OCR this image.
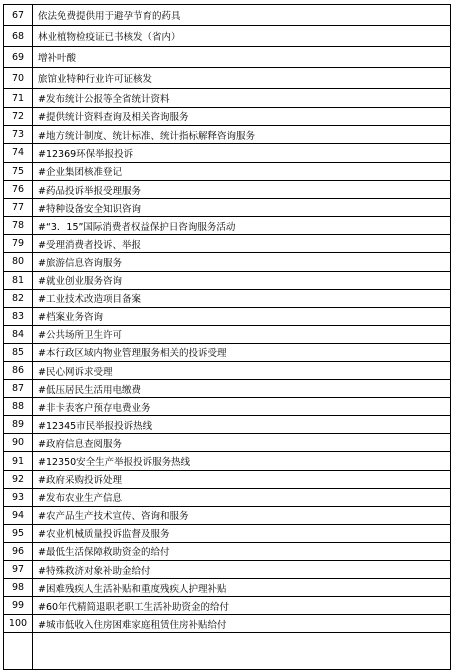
67	依法免费提供用于避孕节育的药具
68	林业植物检疫证已书核发（省内）
69	增补叶酸
70	旅馆业特种行业许可证核发
71	#发布统计公报等全省统计资料
72	#提供统计资料查询及相关咨询服务
73	#地方统计制度、统计标准、统计指标解释咨询服务
74	#12369环保举报投诉
75	#企业集团核准登记
76	#药品投诉举报受理服务
77	#特种设备安全知识咨询
78	#“3．15”国际消费者权益保护日咨询服务活动
79	#受理消费者投诉、举报
80	#旅游信息咨询服务
81	#就业创业服务咨询
82	#工业技术改造项目备案
83	#档案业务咨询
84	#公共场所卫生许可
85	#本行政区域内物业管理服务相关的投诉受理
86	#民心网诉求受理
87	#低压居民生活用电缴费
88	#非卡表客户预存电费业务
89	#12345市民举报投诉热线
90	#政府信息查阅服务
91	#12350安全生产举报投诉服务热线
92	#政府采购投诉处理
93	#发布农业生产信息
94	#农产品生产技术宣传、咨询和服务
95	#农业机械质量投诉监督及服务
96	#最低生活保障救助资金的给付
97	#特殊救济对象补助金给付
98	#困难残疾人生活补贴和重度残疾人护理补贴
99	#60年代精简退职老职工生活补助资金的给付
100	#城市低收入住房困难家庭租赁住房补贴给付
